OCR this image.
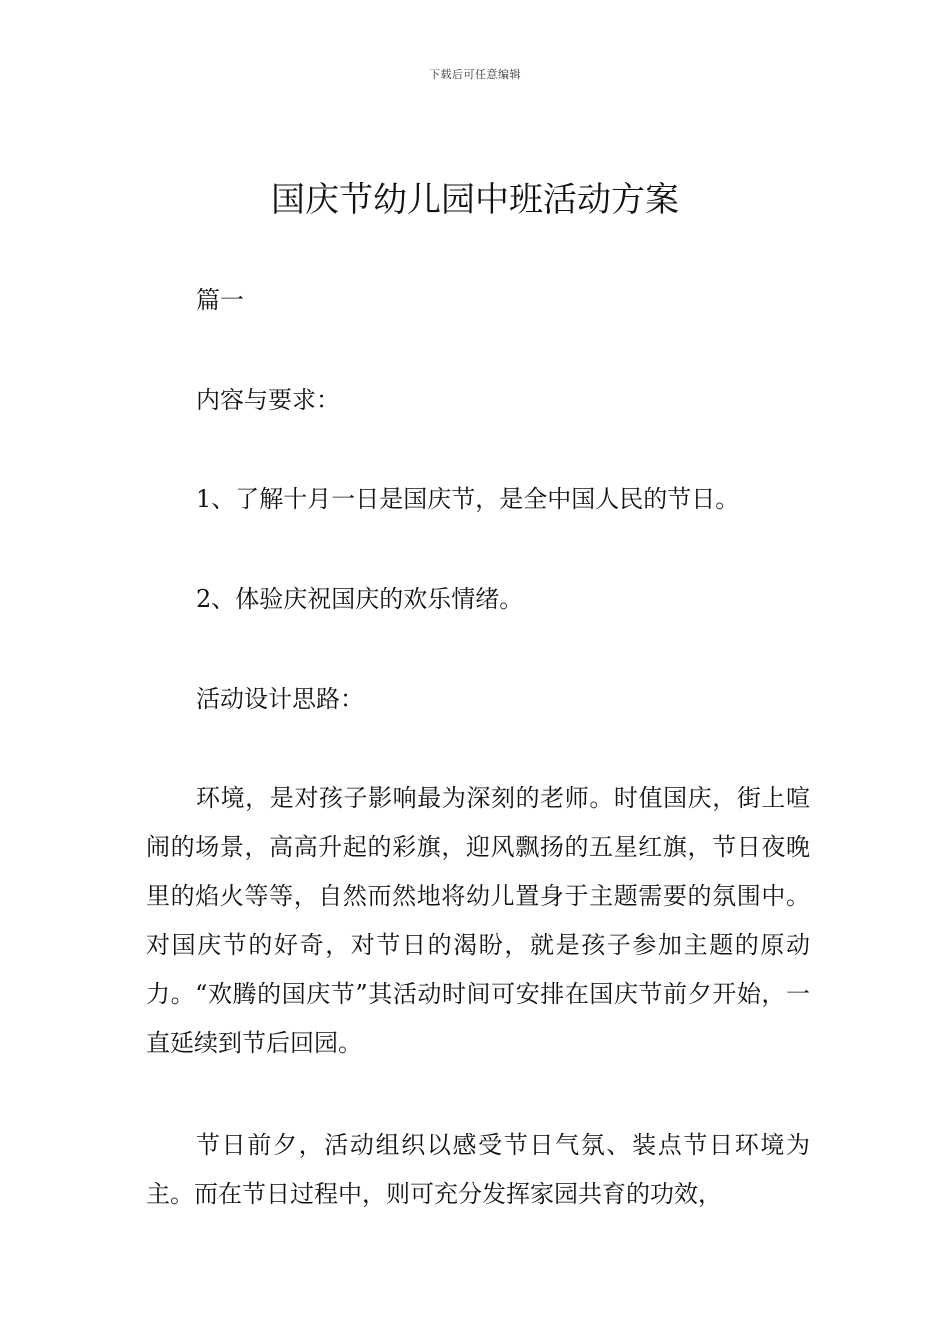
下载后可任意编辑
国庆节幼儿园中班活动方案

篇一

内容与要求：

1、了解十月一日是国庆节，是全中国人民的节日。

2、体验庆祝国庆的欢乐情绪。

活动设计思路：

环境，是对孩子影响最为深刻的老师。时值国庆，街上喧闹的场景，高高升起的彩旗，迎风飘扬的五星红旗，节日夜晚里的焰火等等，自然而然地将幼儿置身于主题需要的氛围中。对国庆节的好奇，对节日的渴盼，就是孩子参加主题的原动力。“欢腾的国庆节”其活动时间可安排在国庆节前夕开始，一直延续到节后回园。

节日前夕，活动组织以感受节日气氛、装点节日环境为主。而在节日过程中，则可充分发挥家园共育的功效，
